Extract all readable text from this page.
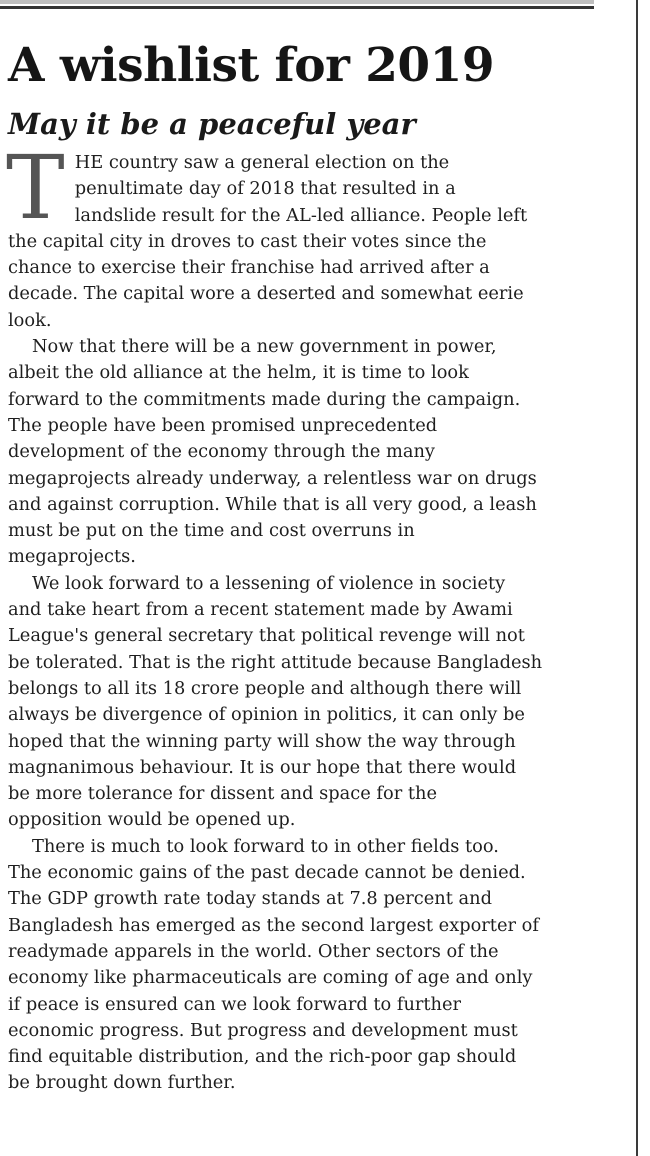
A wishlist for 2019
May it be a peaceful year

T HE country saw a general election on the
penultimate day of 2018 that resulted in a
landslide result for the AL-led alliance. People left
the capital city in droves to cast their votes since the
chance to exercise their franchise had arrived after a
decade. The capital wore a deserted and somewhat eerie
look.

Now that there will be a new government in power,
albeit the old alliance at the helm, it is time to look
forward to the commitments made during the campaign.
The people have been promised unprecedented
development of the economy through the many
megaprojects already underway, a relentless war on drugs
and against corruption. While that is all very good, a leash
must be put on the time and cost overruns in
megaprojects.

We look forward to a lessening of violence in society
and take heart from a recent statement made by Awami
League's general secretary that political revenge will not
be tolerated. That is the right attitude because Bangladesh
belongs to all its 18 crore people and although there will
always be divergence of opinion in politics, it can only be
hoped that the winning party will show the way through
magnanimous behaviour. It is our hope that there would
be more tolerance for dissent and space for the
opposition would be opened up.

There is much to look forward to in other fields too.
The economic gains of the past decade cannot be denied.
The GDP growth rate today stands at 7.8 percent and
Bangladesh has emerged as the second largest exporter of
readymade apparels in the world. Other sectors of the
economy like pharmaceuticals are coming of age and only
if peace is ensured can we look forward to further
economic progress. But progress and development must
find equitable distribution, and the rich-poor gap should
be brought down further.
